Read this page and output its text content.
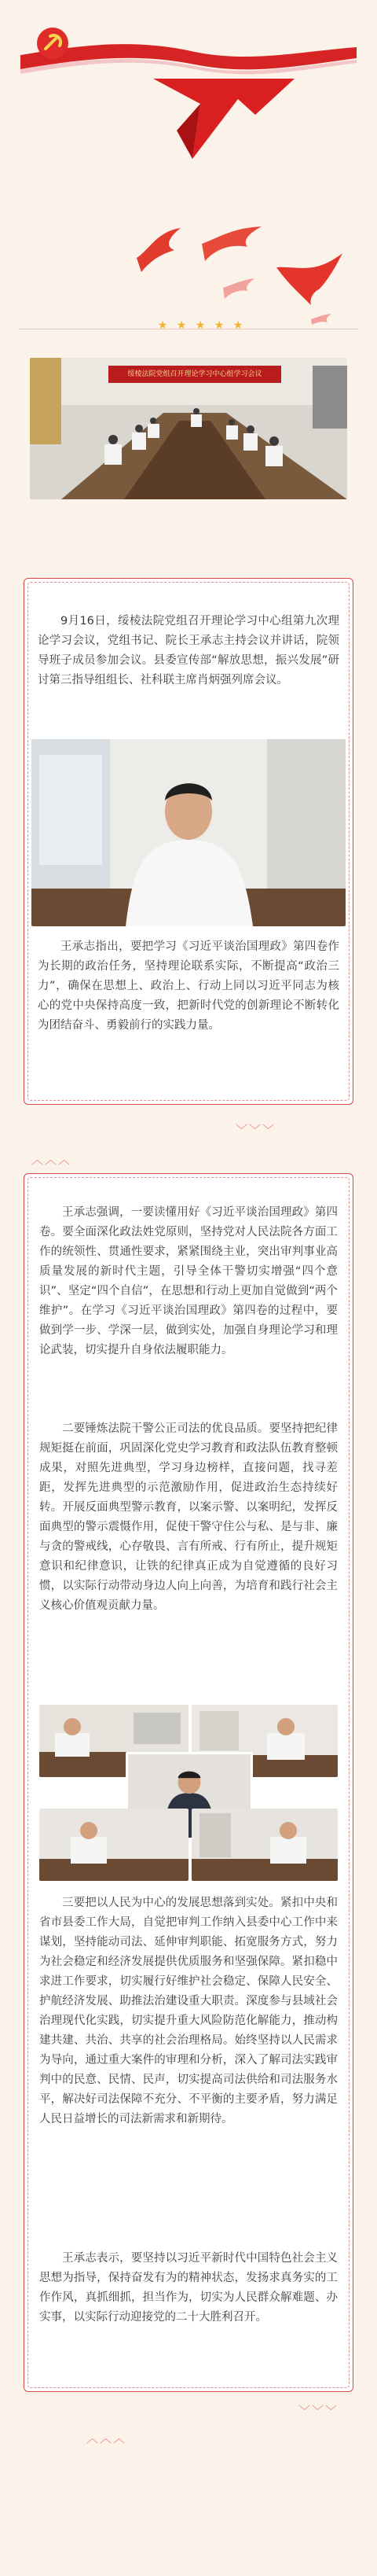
★ ★ ★ ★ ★
绥棱法院党组召开理论学习中心组学习会议

9月16日，绥棱法院党组召开理论学习中心组第九次理论学习会议，党组书记、院长王承志主持会议并讲话，院领导班子成员参加会议。县委宣传部“解放思想，振兴发展”研讨第三指导组组长、社科联主席肖炳强列席会议。

王承志指出，要把学习《习近平谈治国理政》第四卷作为长期的政治任务，坚持理论联系实际，不断提高“政治三力”，确保在思想上、政治上、行动上同以习近平同志为核心的党中央保持高度一致，把新时代党的创新理论不断转化为团结奋斗、勇毅前行的实践力量。

﹀﹀﹀
︿︿︿

王承志强调，一要读懂用好《习近平谈治国理政》第四卷。要全面深化政法姓党原则，坚持党对人民法院各方面工作的统领性、贯通性要求，紧紧围绕主业，突出审判事业高质量发展的新时代主题，引导全体干警切实增强“四个意识”、坚定“四个自信”，在思想和行动上更加自觉做到“两个维护”。在学习《习近平谈治国理政》第四卷的过程中，要做到学一步、学深一层，做到实处，加强自身理论学习和理论武装，切实提升自身依法履职能力。

二要锤炼法院干警公正司法的优良品质。要坚持把纪律规矩挺在前面，巩固深化党史学习教育和政法队伍教育整顿成果，对照先进典型，学习身边榜样，直接问题，找寻差距，发挥先进典型的示范激励作用，促进政治生态持续好转。开展反面典型警示教育，以案示警、以案明纪，发挥反面典型的警示震慑作用，促使干警守住公与私、是与非、廉与贪的警戒线，心存敬畏、言有所戒、行有所止，提升规矩意识和纪律意识，让铁的纪律真正成为自觉遵循的良好习惯，以实际行动带动身边人向上向善，为培育和践行社会主义核心价值观贡献力量。

三要把以人民为中心的发展思想落到实处。紧扣中央和省市县委工作大局，自觉把审判工作纳入县委中心工作中来谋划，坚持能动司法、延伸审判职能、拓宽服务方式，努力为社会稳定和经济发展提供优质服务和坚强保障。紧扣稳中求进工作要求，切实履行好维护社会稳定、保障人民安全、护航经济发展、助推法治建设重大职责。深度参与县域社会治理现代化实践，切实提升重大风险防范化解能力，推动构建共建、共治、共享的社会治理格局。始终坚持以人民需求为导向，通过重大案件的审理和分析，深入了解司法实践审判中的民意、民情、民声，切实提高司法供给和司法服务水平，解决好司法保障不充分、不平衡的主要矛盾，努力满足人民日益增长的司法新需求和新期待。

王承志表示，要坚持以习近平新时代中国特色社会主义思想为指导，保持奋发有为的精神状态，发扬求真务实的工作作风，真抓细抓，担当作为，切实为人民群众解难题、办实事，以实际行动迎接党的二十大胜利召开。

﹀﹀﹀
︿︿︿
